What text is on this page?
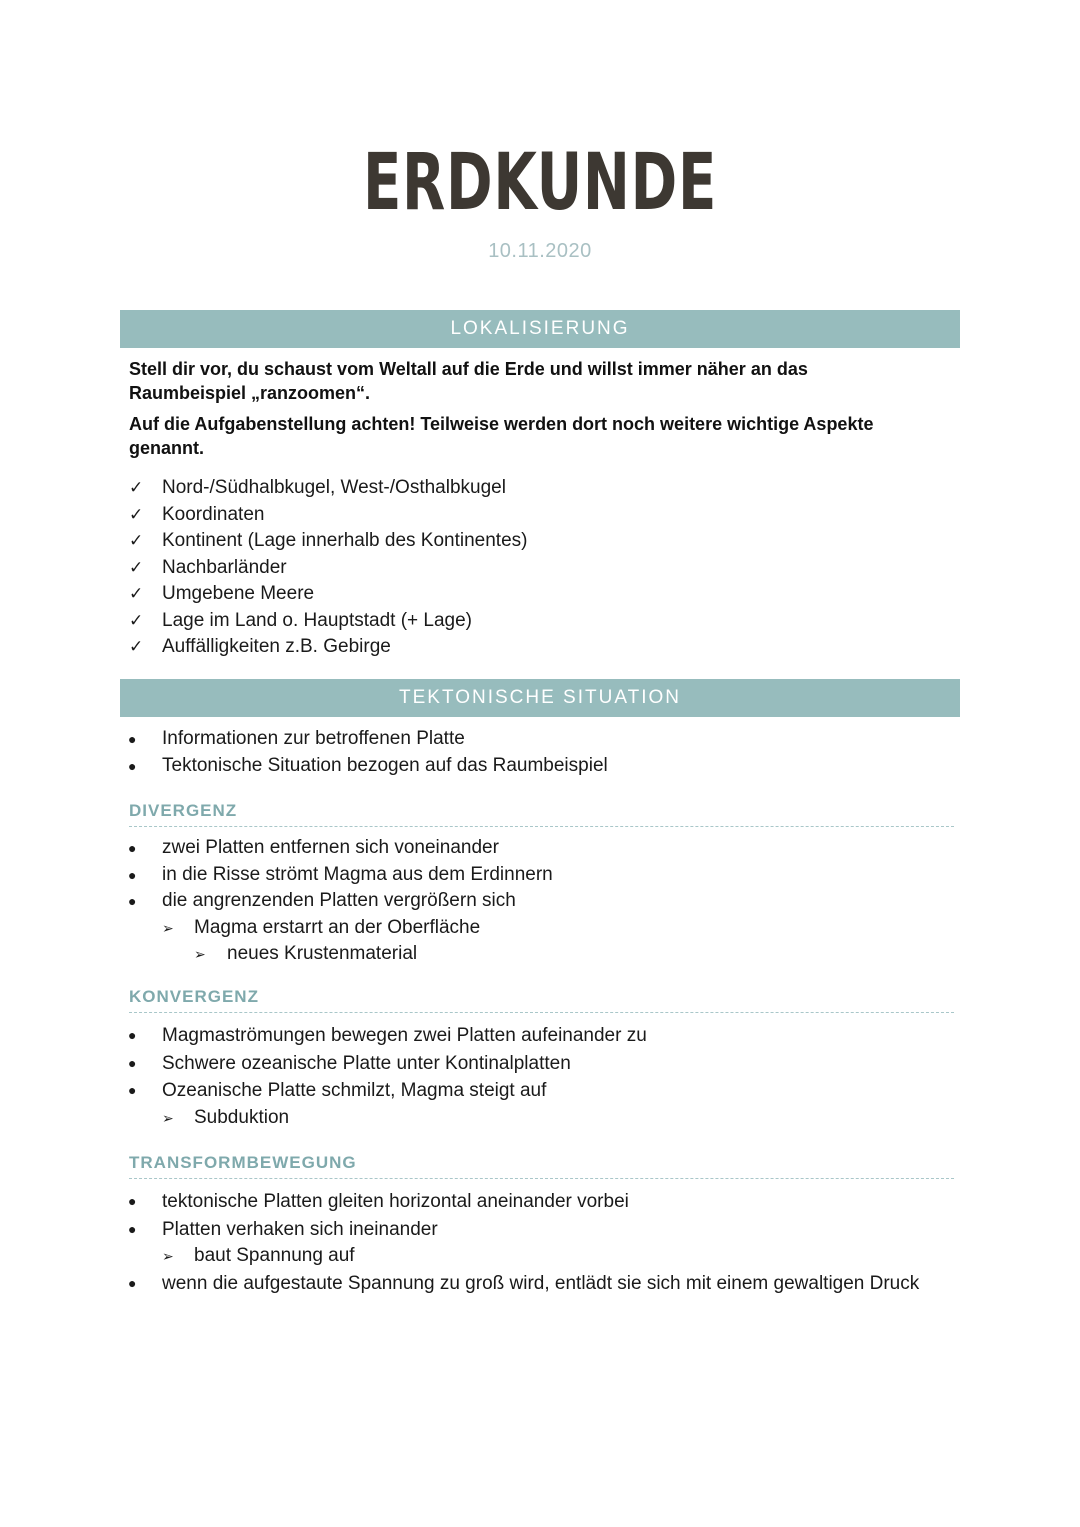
ERDKUNDE
10.11.2020
LOKALISIERUNG
Stell dir vor, du schaust vom Weltall auf die Erde und willst immer näher an das Raumbeispiel „ranzoomen“.
Auf die Aufgabenstellung achten! Teilweise werden dort noch weitere wichtige Aspekte genannt.
✓ Nord-/Südhalbkugel, West-/Osthalbkugel
✓ Koordinaten
✓ Kontinent (Lage innerhalb des Kontinentes)
✓ Nachbarländer
✓ Umgebene Meere
✓ Lage im Land o. Hauptstadt (+ Lage)
✓ Auffälligkeiten z.B. Gebirge
TEKTONISCHE SITUATION
● Informationen zur betroffenen Platte
● Tektonische Situation bezogen auf das Raumbeispiel
DIVERGENZ
● zwei Platten entfernen sich voneinander
● in die Risse strömt Magma aus dem Erdinnern
● die angrenzenden Platten vergrößern sich
➢ Magma erstarrt an der Oberfläche
➢ neues Krustenmaterial
KONVERGENZ
● Magmaströmungen bewegen zwei Platten aufeinander zu
● Schwere ozeanische Platte unter Kontinalplatten
● Ozeanische Platte schmilzt, Magma steigt auf
➢ Subduktion
TRANSFORMBEWEGUNG
● tektonische Platten gleiten horizontal aneinander vorbei
● Platten verhaken sich ineinander
➢ baut Spannung auf
● wenn die aufgestaute Spannung zu groß wird, entlädt sie sich mit einem gewaltigen Druck
